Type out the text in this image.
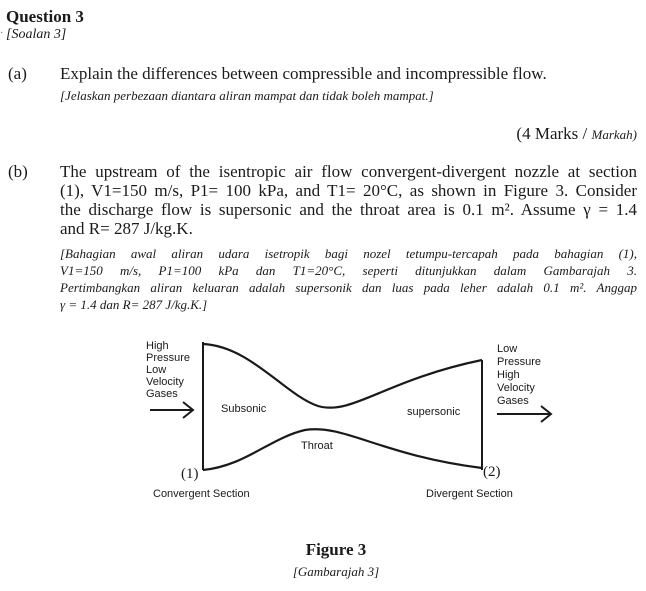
Question 3
· [Soalan 3]
(a) Explain the differences between compressible and incompressible flow.
[Jelaskan perbezaan diantara aliran mampat dan tidak boleh mampat.]
(4 Marks / Markah)
(b) The upstream of the isentropic air flow convergent-divergent nozzle at section
(1), V1=150 m/s, P1= 100 kPa, and T1= 20°C, as shown in Figure 3. Consider
the discharge flow is supersonic and the throat area is 0.1 m². Assume γ = 1.4
and R= 287 J/kg.K.
[Bahagian awal aliran udara isetropik bagi nozel tetumpu-tercapah pada bahagian (1),
V1=150 m/s, P1=100 kPa dan T1=20°C, seperti ditunjukkan dalam Gambarajah 3.
Pertimbangkan aliran keluaran adalah supersonik dan luas pada leher adalah 0.1 m². Anggap
γ = 1.4 dan R= 287 J/kg.K.]
High
Pressure
Low
Velocity
Gases
Low
Pressure
High
Velocity
Gases
Subsonic	supersonic
Throat
(1)	(2)
Convergent Section	Divergent Section
Figure 3
[Gambarajah 3]
